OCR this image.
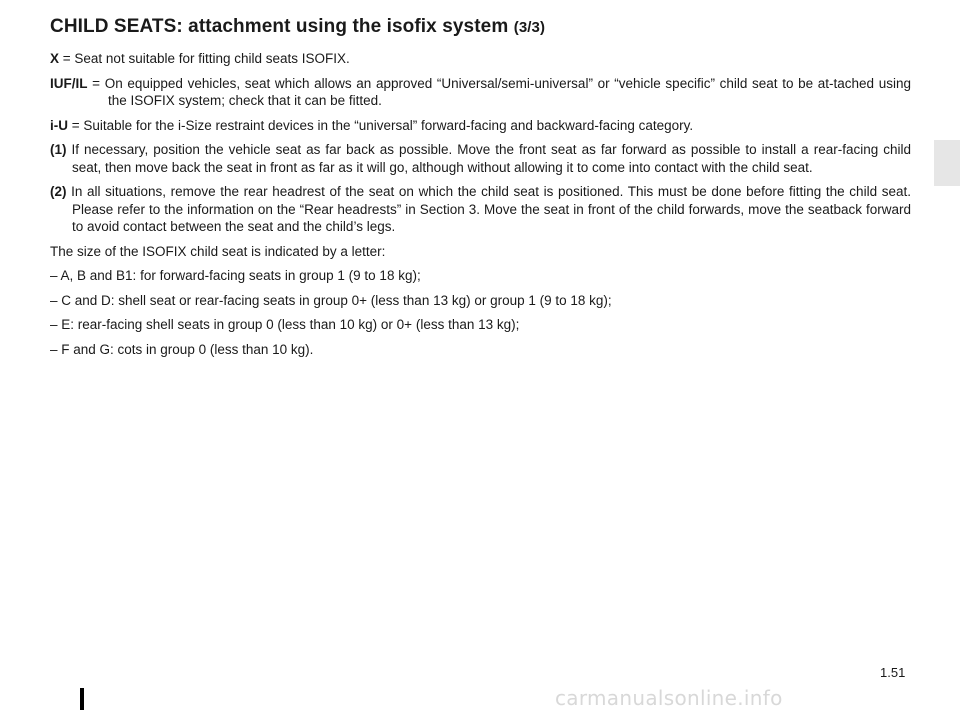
CHILD SEATS: attachment using the isofix system (3/3)

X = Seat not suitable for fitting child seats ISOFIX.

IUF/IL = On equipped vehicles, seat which allows an approved “Universal/semi-universal” or “vehicle specific” child seat to be at-tached using the ISOFIX system; check that it can be fitted.

i-U = Suitable for the i-Size restraint devices in the “universal” forward-facing and backward-facing category.

(1) If necessary, position the vehicle seat as far back as possible. Move the front seat as far forward as possible to install a rear-facing child seat, then move back the seat in front as far as it will go, although without allowing it to come into contact with the child seat.

(2) In all situations, remove the rear headrest of the seat on which the child seat is positioned. This must be done before fitting the child seat. Please refer to the information on the “Rear headrests” in Section 3. Move the seat in front of the child forwards, move the seatback forward to avoid contact between the seat and the child’s legs.

The size of the ISOFIX child seat is indicated by a letter:

– A, B and B1: for forward-facing seats in group 1 (9 to 18 kg);
– C and D: shell seat or rear-facing seats in group 0+ (less than 13 kg) or group 1 (9 to 18 kg);
– E: rear-facing shell seats in group 0 (less than 10 kg) or 0+ (less than 13 kg);
– F and G: cots in group 0 (less than 10 kg).
1.51
carmanualsonline.info
